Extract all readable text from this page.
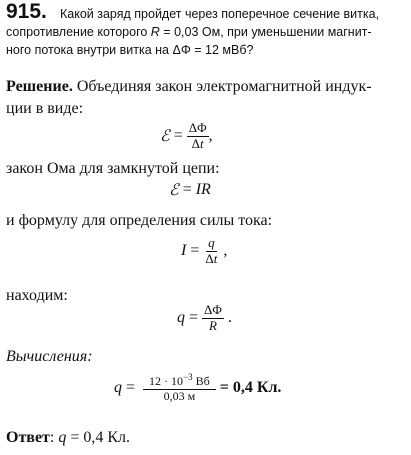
915. Какой заряд пройдет через поперечное сечение витка,
сопротивление которого R = 0,03 Ом, при уменьшении магнит-
ного потока внутри витка на ΔΦ = 12 мВб?
Решение. Объединяя закон электромагнитной индук-
ции в виде:
ℰ
=
$\frac{\Delta\Phi}{\Delta t}$ ,
закон Ома для замкнутой цепи:
ℰ = IR
и формулу для определения силы тока:
I
=
$\frac{q}{\Delta t}$
,
находим:
q
=
$\frac{\Delta\Phi}{R}$
.
Вычисления:
q
=
$\frac{12 \cdot 10^{-3} Вб}{0,03 м} = 0,4$ Кл.
Ответ: q = 0,4 Кл.
